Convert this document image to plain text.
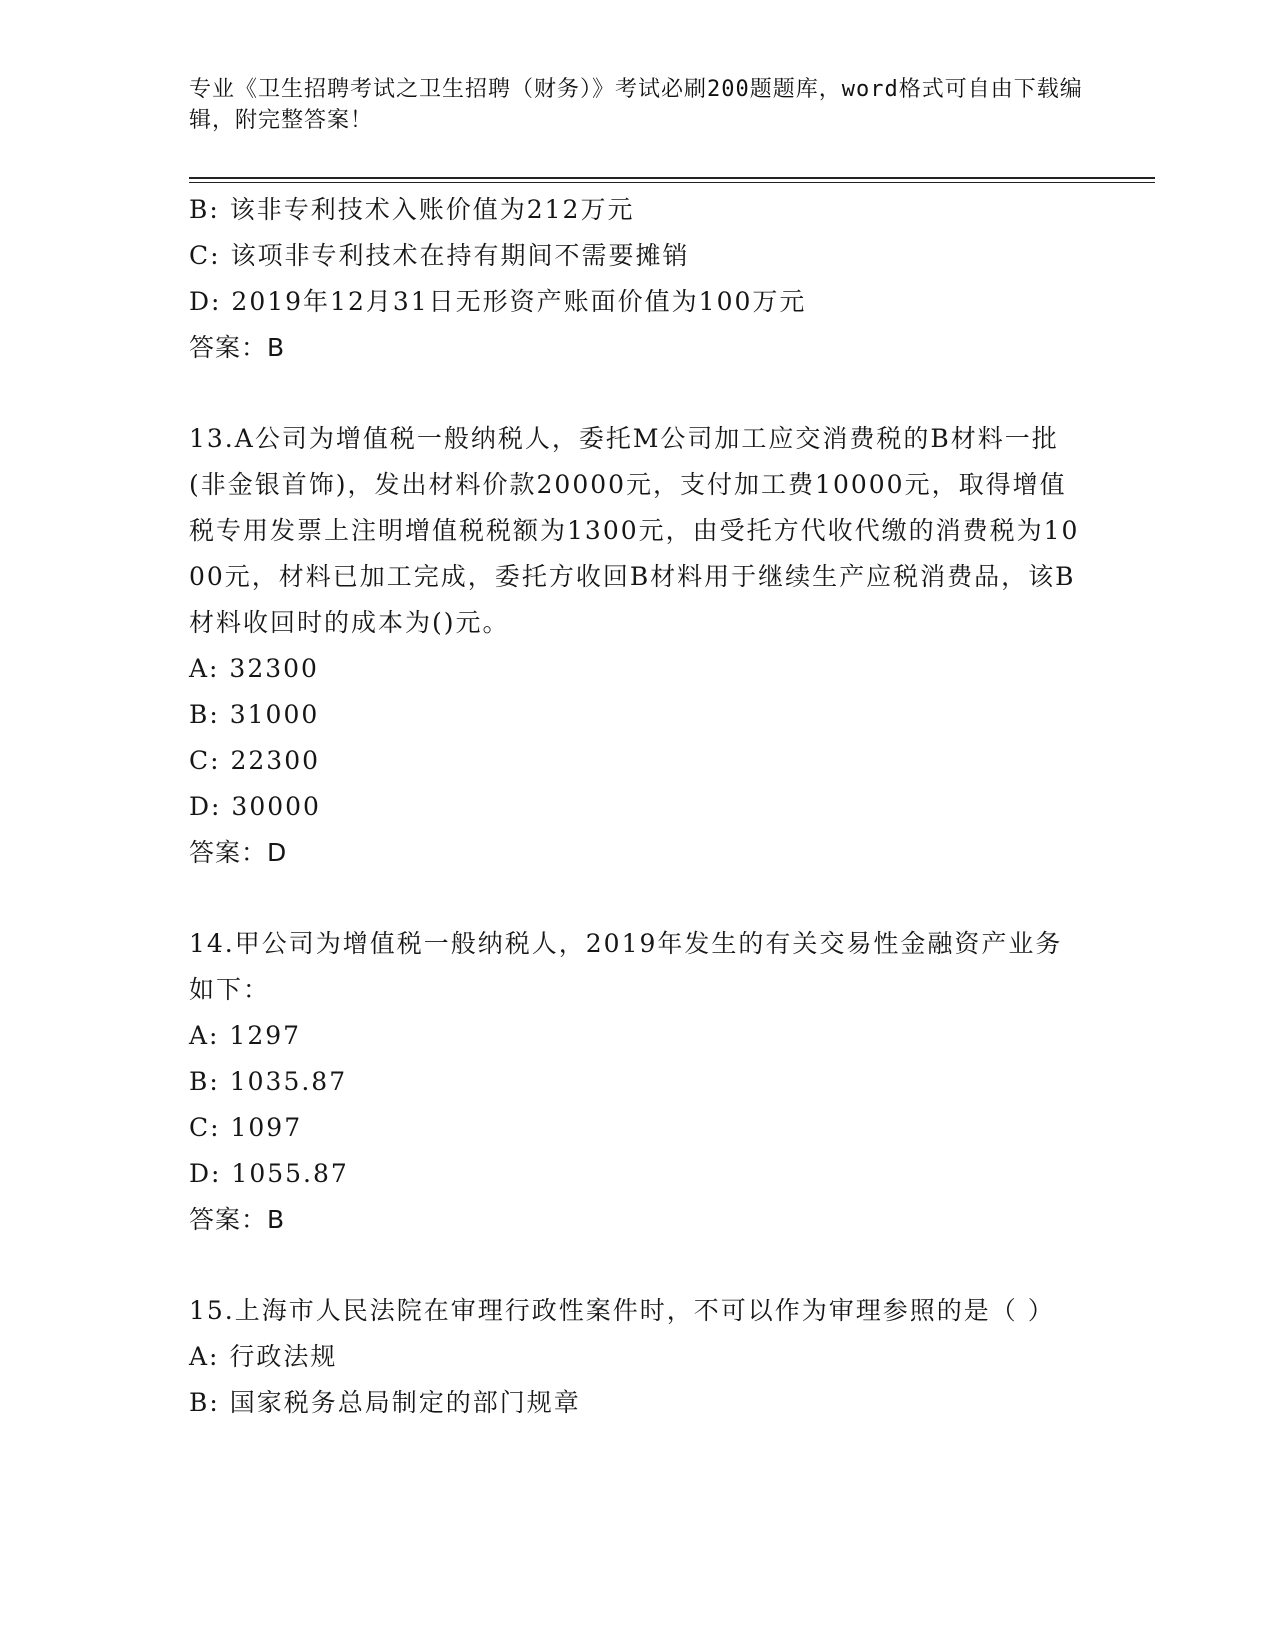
专业《卫生招聘考试之卫生招聘（财务）》考试必刷200题题库，word格式可自由下载编辑，附完整答案！
B: 该非专利技术入账价值为212万元
C: 该项非专利技术在持有期间不需要摊销
D: 2019年12月31日无形资产账面价值为100万元
答案：B
13.A公司为增值税一般纳税人，委托M公司加工应交消费税的B材料一批(非金银首饰)，发出材料价款20000元，支付加工费10000元，取得增值税专用发票上注明增值税税额为1300元，由受托方代收代缴的消费税为1000元，材料已加工完成，委托方收回B材料用于继续生产应税消费品，该B材料收回时的成本为()元。
A: 32300
B: 31000
C: 22300
D: 30000
答案：D
14.甲公司为增值税一般纳税人，2019年发生的有关交易性金融资产业务如下：
A: 1297
B: 1035.87
C: 1097
D: 1055.87
答案：B
15.上海市人民法院在审理行政性案件时，不可以作为审理参照的是（ ）
A: 行政法规
B: 国家税务总局制定的部门规章
